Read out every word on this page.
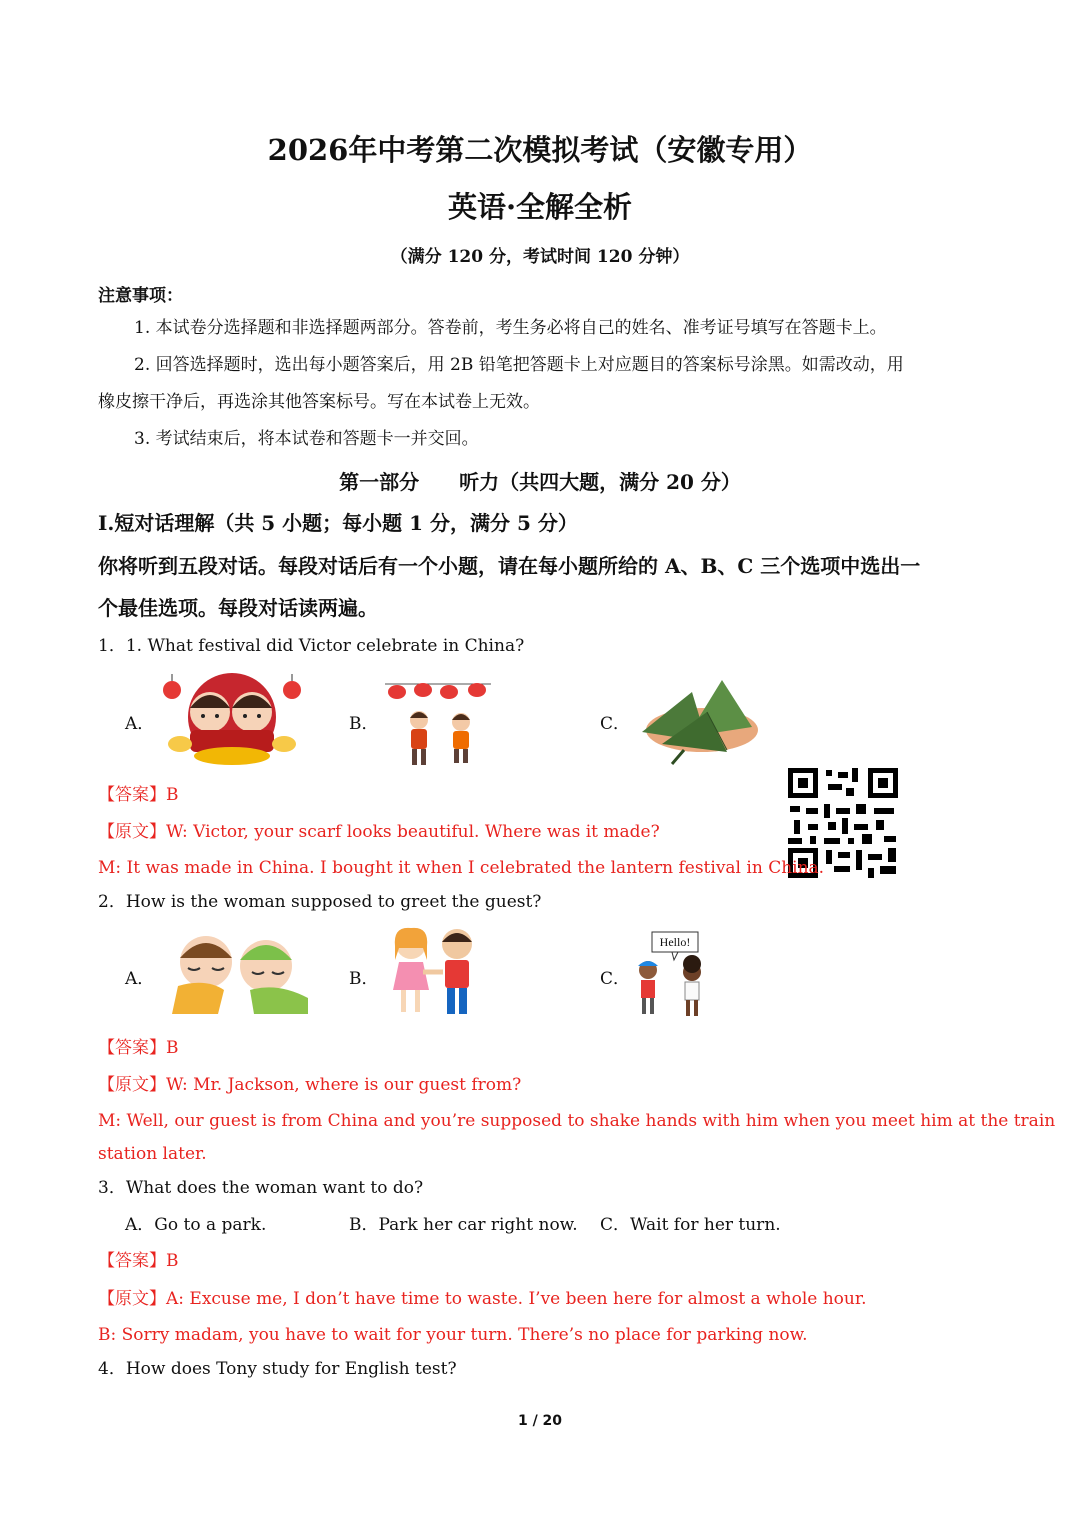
2026年中考第二次模拟考试（安徽专用）
英语·全解全析
（满分 120 分，考试时间 120 分钟）
注意事项：
1. 本试卷分选择题和非选择题两部分。答卷前，考生务必将自己的姓名、准考证号填写在答题卡上。
2. 回答选择题时，选出每小题答案后，用 2B 铅笔把答题卡上对应题目的答案标号涂黑。如需改动，用
橡皮擦干净后，再选涂其他答案标号。写在本试卷上无效。
3. 考试结束后，将本试卷和答题卡一并交回。
第一部分　　听力（共四大题，满分 20 分）
I.短对话理解（共 5 小题；每小题 1 分，满分 5 分）
你将听到五段对话。每段对话后有一个小题，请在每小题所给的 A、B、C 三个选项中选出一
个最佳选项。每段对话读两遍。
1．1. What festival did Victor celebrate in China?
A．	B．	C．
【答案】B
【原文】W: Victor, your scarf looks beautiful. Where was it made?
M: It was made in China. I bought it when I celebrated the lantern festival in China.
2．How is the woman supposed to greet the guest?
A．	B．	C．
Hello!
【答案】B
【原文】W: Mr. Jackson, where is our guest from?
M: Well, our guest is from China and you’re supposed to shake hands with him when you meet him at the train
station later.
3．What does the woman want to do?
A．Go to a park.	B．Park her car right now. C．Wait for her turn.
【答案】B
【原文】A: Excuse me, I don’t have time to waste. I’ve been here for almost a whole hour.
B: Sorry madam, you have to wait for your turn. There’s no place for parking now.
4．How does Tony study for English test?
1 / 20
